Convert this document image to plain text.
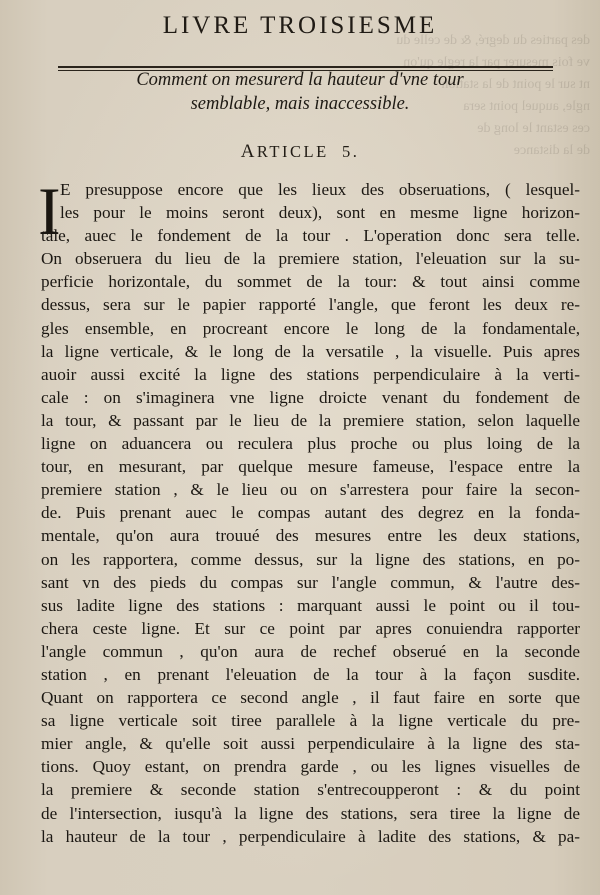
des parties du degré, & de celle du
ve fois mesurer par la regle qu'on
nt sur le point de la station
ngle, auquel point sera
ces estant le long de
de la distance
LIVRE TROISIESME
Comment on mesurerd la hauteur d'vne tour
semblable, mais inaccessible.
ARTICLE 5.
I E presuppose encore que les lieux des obseruations, ( lesquel-
les pour le moins seront deux), sont en mesme ligne horizon-
tale, auec le fondement de la tour . L'operation donc sera telle.
On obseruera du lieu de la premiere station, l'eleuation sur la su-
perficie horizontale, du sommet de la tour: & tout ainsi comme
dessus, sera sur le papier rapporté l'angle, que feront les deux re-
gles ensemble, en procreant encore le long de la fondamentale,
la ligne verticale, & le long de la versatile , la visuelle. Puis apres
auoir aussi excité la ligne des stations perpendiculaire à la verti-
cale : on s'imaginera vne ligne droicte venant du fondement de
la tour, & passant par le lieu de la premiere station, selon laquelle
ligne on aduancera ou reculera plus proche ou plus loing de la
tour, en mesurant, par quelque mesure fameuse, l'espace entre la
premiere station , & le lieu ou on s'arrestera pour faire la secon-
de. Puis prenant auec le compas autant des degrez en la fonda-
mentale, qu'on aura trouué des mesures entre les deux stations,
on les rapportera, comme dessus, sur la ligne des stations, en po-
sant vn des pieds du compas sur l'angle commun, & l'autre des-
sus ladite ligne des stations : marquant aussi le point ou il tou-
chera ceste ligne. Et sur ce point par apres conuiendra rapporter
l'angle commun , qu'on aura de rechef obserué en la seconde
station , en prenant l'eleuation de la tour à la façon susdite.
Quant on rapportera ce second angle , il faut faire en sorte que
sa ligne verticale soit tiree parallele à la ligne verticale du pre-
mier angle, & qu'elle soit aussi perpendiculaire à la ligne des sta-
tions. Quoy estant, on prendra garde , ou les lignes visuelles de
la premiere & seconde station s'entrecoupperont : & du point
de l'intersection, iusqu'à la ligne des stations, sera tiree la ligne de
la hauteur de la tour , perpendiculaire à ladite des stations, & pa-
